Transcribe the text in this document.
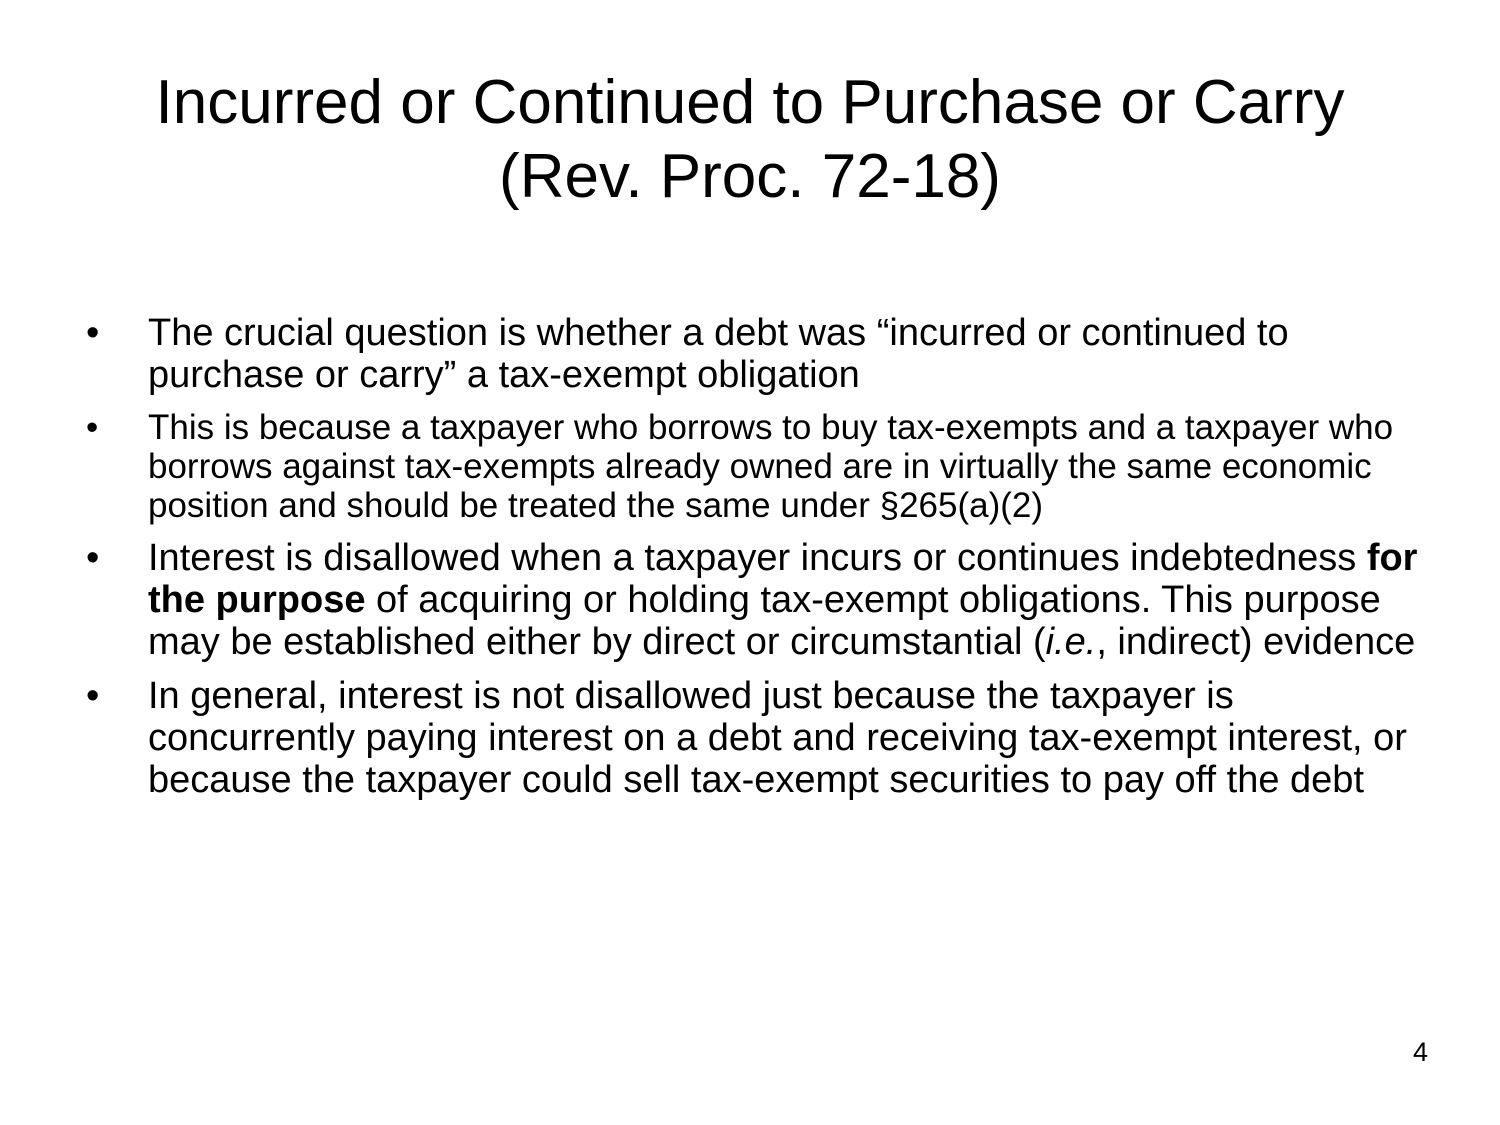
Incurred or Continued to Purchase or Carry
(Rev. Proc. 72-18)
•	The crucial question is whether a debt was “incurred or continued to purchase or carry” a tax-exempt obligation
•	This is because a taxpayer who borrows to buy tax-exempts and a taxpayer who borrows against tax-exempts already owned are in virtually the same economic position and should be treated the same under §265(a)(2)
•	Interest is disallowed when a taxpayer incurs or continues indebtedness for the purpose of acquiring or holding tax-exempt obligations. This purpose may be established either by direct or circumstantial (i.e., indirect) evidence
•	In general, interest is not disallowed just because the taxpayer is concurrently paying interest on a debt and receiving tax-exempt interest, or because the taxpayer could sell tax-exempt securities to pay off the debt
4
